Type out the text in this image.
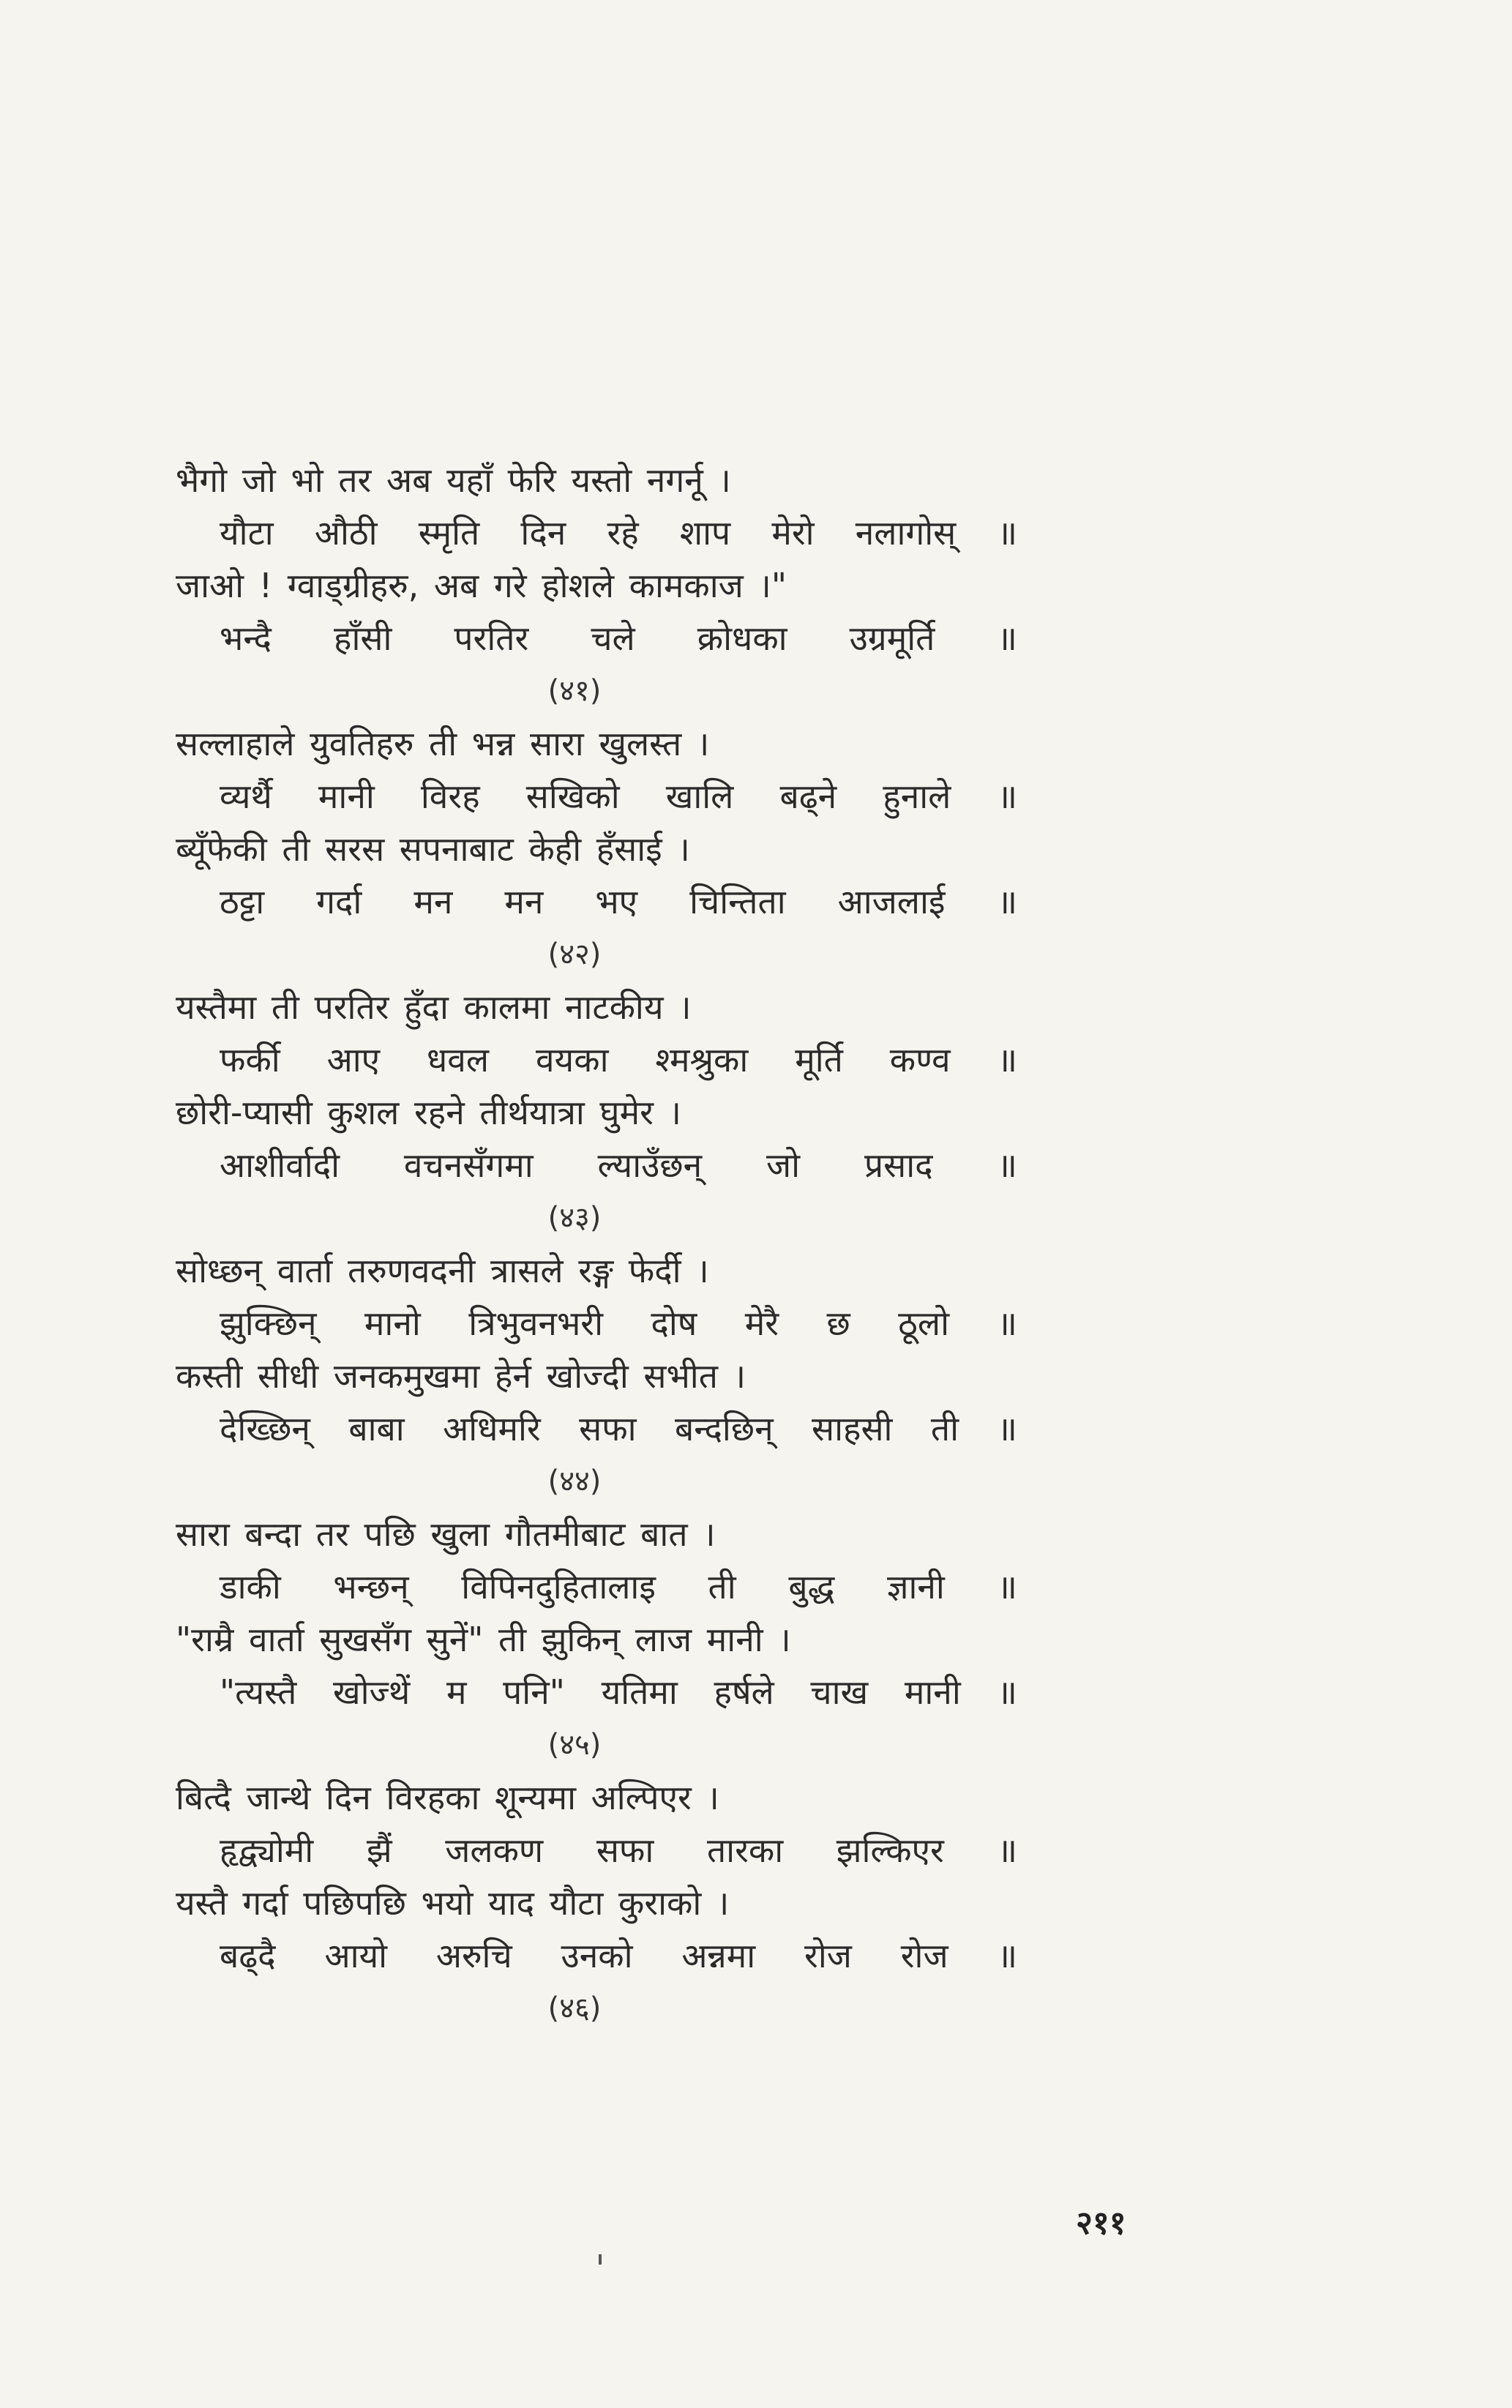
भैगो जो भो तर अब यहाँ फेरि यस्तो नगर्नू ।
यौटा औठी स्मृति दिन रहे शाप मेरो नलागोस् ॥
जाओ ! ग्वाड्ग्रीहरु, अब गरे होशले कामकाज ।"
भन्दै हाँसी परतिर चले क्रोधका उग्रमूर्ति ॥
(४१)
सल्लाहाले युवतिहरु ती भन्न सारा खुलस्त ।
व्यर्थै मानी विरह सखिको खालि बढ्ने हुनाले ॥
ब्यूँफेकी ती सरस सपनाबाट केही हँसाई ।
ठट्टा गर्दा मन मन भए चिन्तिता आजलाई ॥
(४२)
यस्तैमा ती परतिर हुँदा कालमा नाटकीय ।
फर्की आए धवल वयका श्मश्रुका मूर्ति कण्व ॥
छोरी-प्यासी कुशल रहने तीर्थयात्रा घुमेर ।
आशीर्वादी वचनसँगमा ल्याउँछन् जो प्रसाद ॥
(४३)
सोध्छन् वार्ता तरुणवदनी त्रासले रङ्ग फेर्दी ।
झुक्छिन् मानो त्रिभुवनभरी दोष मेरै छ ठूलो ॥
कस्ती सीधी जनकमुखमा हेर्न खोज्दी सभीत ।
देख्छिन् बाबा अधिमरि सफा बन्दछिन् साहसी ती ॥
(४४)
सारा बन्दा तर पछि खुला गौतमीबाट बात ।
डाकी भन्छन् विपिनदुहितालाइ ती बुद्ध ज्ञानी ॥
"राम्रै वार्ता सुखसँग सुनें" ती झुकिन् लाज मानी ।
"त्यस्तै खोज्थें म पनि" यतिमा हर्षले चाख मानी ॥
(४५)
बित्दै जान्थे दिन विरहका शून्यमा अल्पिएर ।
हृद्व्योमी झैं जलकण सफा तारका झल्किएर ॥
यस्तै गर्दा पछिपछि भयो याद यौटा कुराको ।
बढ्दै आयो अरुचि उनको अन्नमा रोज रोज ॥
(४६)
२११
